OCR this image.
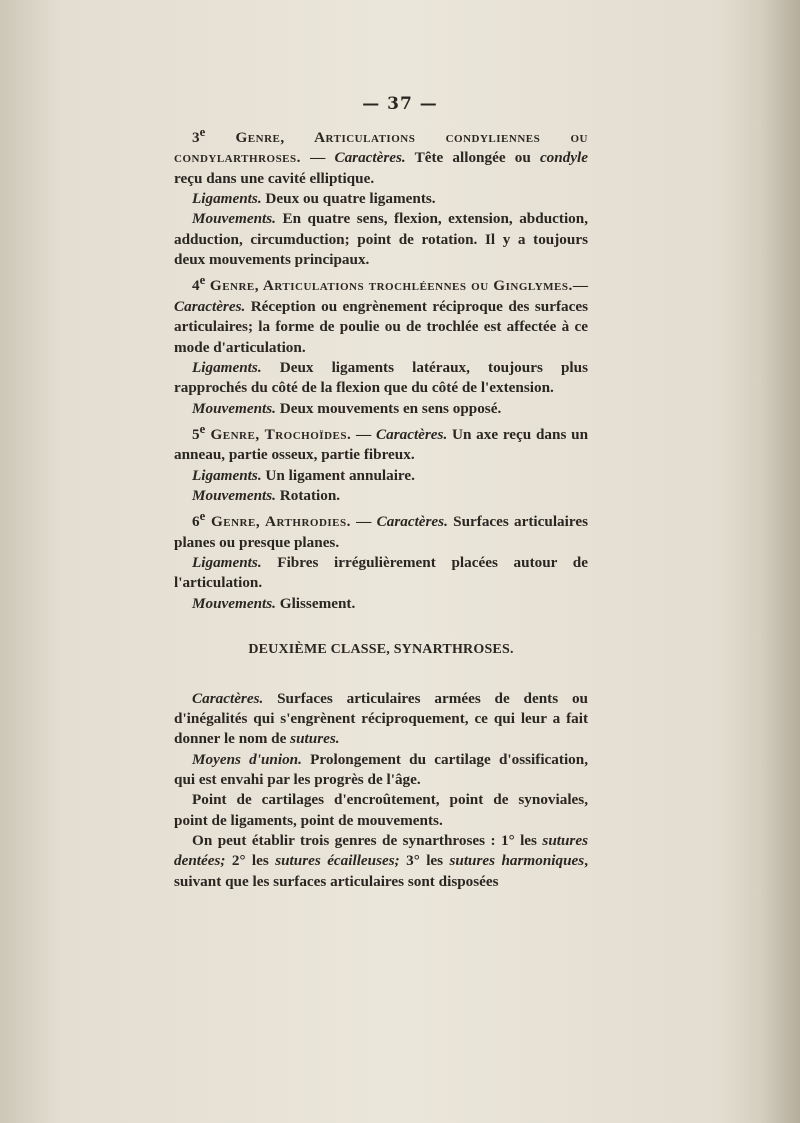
— 37 —

3e Genre, Articulations condyliennes ou condylarthroses. — Caractères. Tête allongée ou condyle reçu dans une cavité elliptique.

Ligaments. Deux ou quatre ligaments.

Mouvements. En quatre sens, flexion, extension, abduction, adduction, circumduction; point de rotation. Il y a toujours deux mouvements principaux.

4e Genre, Articulations trochléennes ou Ginglymes.— Caractères. Réception ou engrènement réciproque des surfaces articulaires; la forme de poulie ou de trochlée est affectée à ce mode d'articulation.

Ligaments. Deux ligaments latéraux, toujours plus rapprochés du côté de la flexion que du côté de l'extension.

Mouvements. Deux mouvements en sens opposé.

5e Genre, Trochoïdes. — Caractères. Un axe reçu dans un anneau, partie osseux, partie fibreux.

Ligaments. Un ligament annulaire.

Mouvements. Rotation.

6e Genre, Arthrodies. — Caractères. Surfaces articulaires planes ou presque planes.

Ligaments. Fibres irrégulièrement placées autour de l'articulation.

Mouvements. Glissement.

DEUXIÈME CLASSE, SYNARTHROSES.

Caractères. Surfaces articulaires armées de dents ou d'inégalités qui s'engrènent réciproquement, ce qui leur a fait donner le nom de sutures.

Moyens d'union. Prolongement du cartilage d'ossification, qui est envahi par les progrès de l'âge.

Point de cartilages d'encroûtement, point de synoviales, point de ligaments, point de mouvements.

On peut établir trois genres de synarthroses : 1° les sutures dentées; 2° les sutures écailleuses; 3° les sutures harmoniques, suivant que les surfaces articulaires sont disposées
